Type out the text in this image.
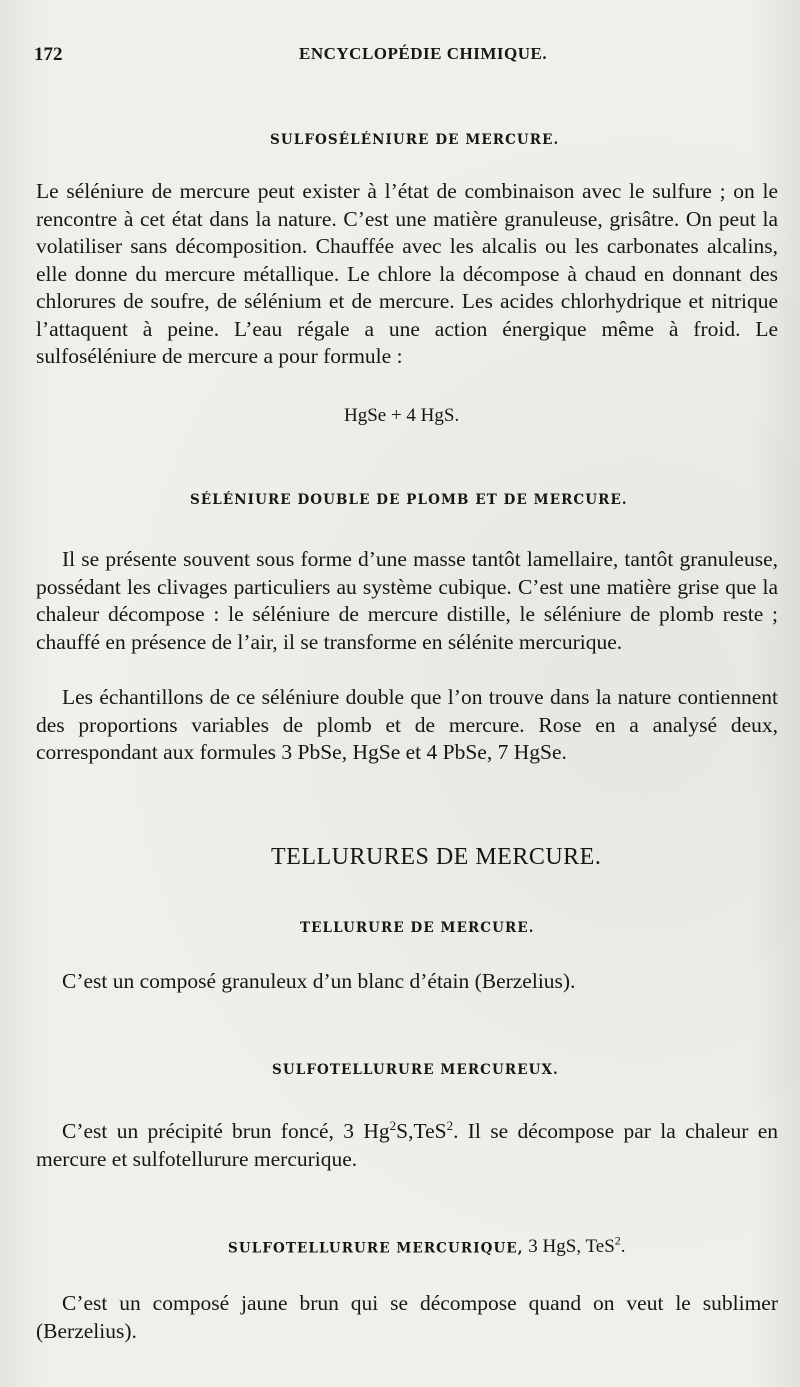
172	ENCYCLOPÉDIE CHIMIQUE.
SULFOSÉLÉNIURE DE MERCURE.

Le séléniure de mercure peut exister à l’état de combinaison avec le sulfure ; on le rencontre à cet état dans la nature. C’est une matière granuleuse, grisâtre. On peut la volatiliser sans décomposition. Chauffée avec les alcalis ou les carbonates alcalins, elle donne du mercure métallique. Le chlore la décompose à chaud en donnant des chlorures de soufre, de sélénium et de mercure. Les acides chlorhydrique et nitrique l’attaquent à peine. L’eau régale a une action énergique même à froid. Le sulfoséléniure de mercure a pour formule :

HgSe + 4 HgS.
SÉLÉNIURE DOUBLE DE PLOMB ET DE MERCURE.

Il se présente souvent sous forme d’une masse tantôt lamellaire, tantôt granuleuse, possédant les clivages particuliers au système cubique. C’est une matière grise que la chaleur décompose : le séléniure de mercure distille, le séléniure de plomb reste ; chauffé en présence de l’air, il se transforme en sélénite mercurique.

Les échantillons de ce séléniure double que l’on trouve dans la nature contiennent des proportions variables de plomb et de mercure. Rose en a analysé deux, correspondant aux formules 3 PbSe, HgSe et 4 PbSe, 7 HgSe.

TELLURURES DE MERCURE.
TELLURURE DE MERCURE.

C’est un composé granuleux d’un blanc d’étain (Berzelius).

SULFOTELLURURE MERCUREUX.

C’est un précipité brun foncé, 3 Hg$^2$S,TeS$^2$. Il se décompose par la chaleur en mercure et sulfotellurure mercurique.

SULFOTELLURURE MERCURIQUE, 3 HgS, TeS$^2$.

C’est un composé jaune brun qui se décompose quand on veut le sublimer (Berzelius).
